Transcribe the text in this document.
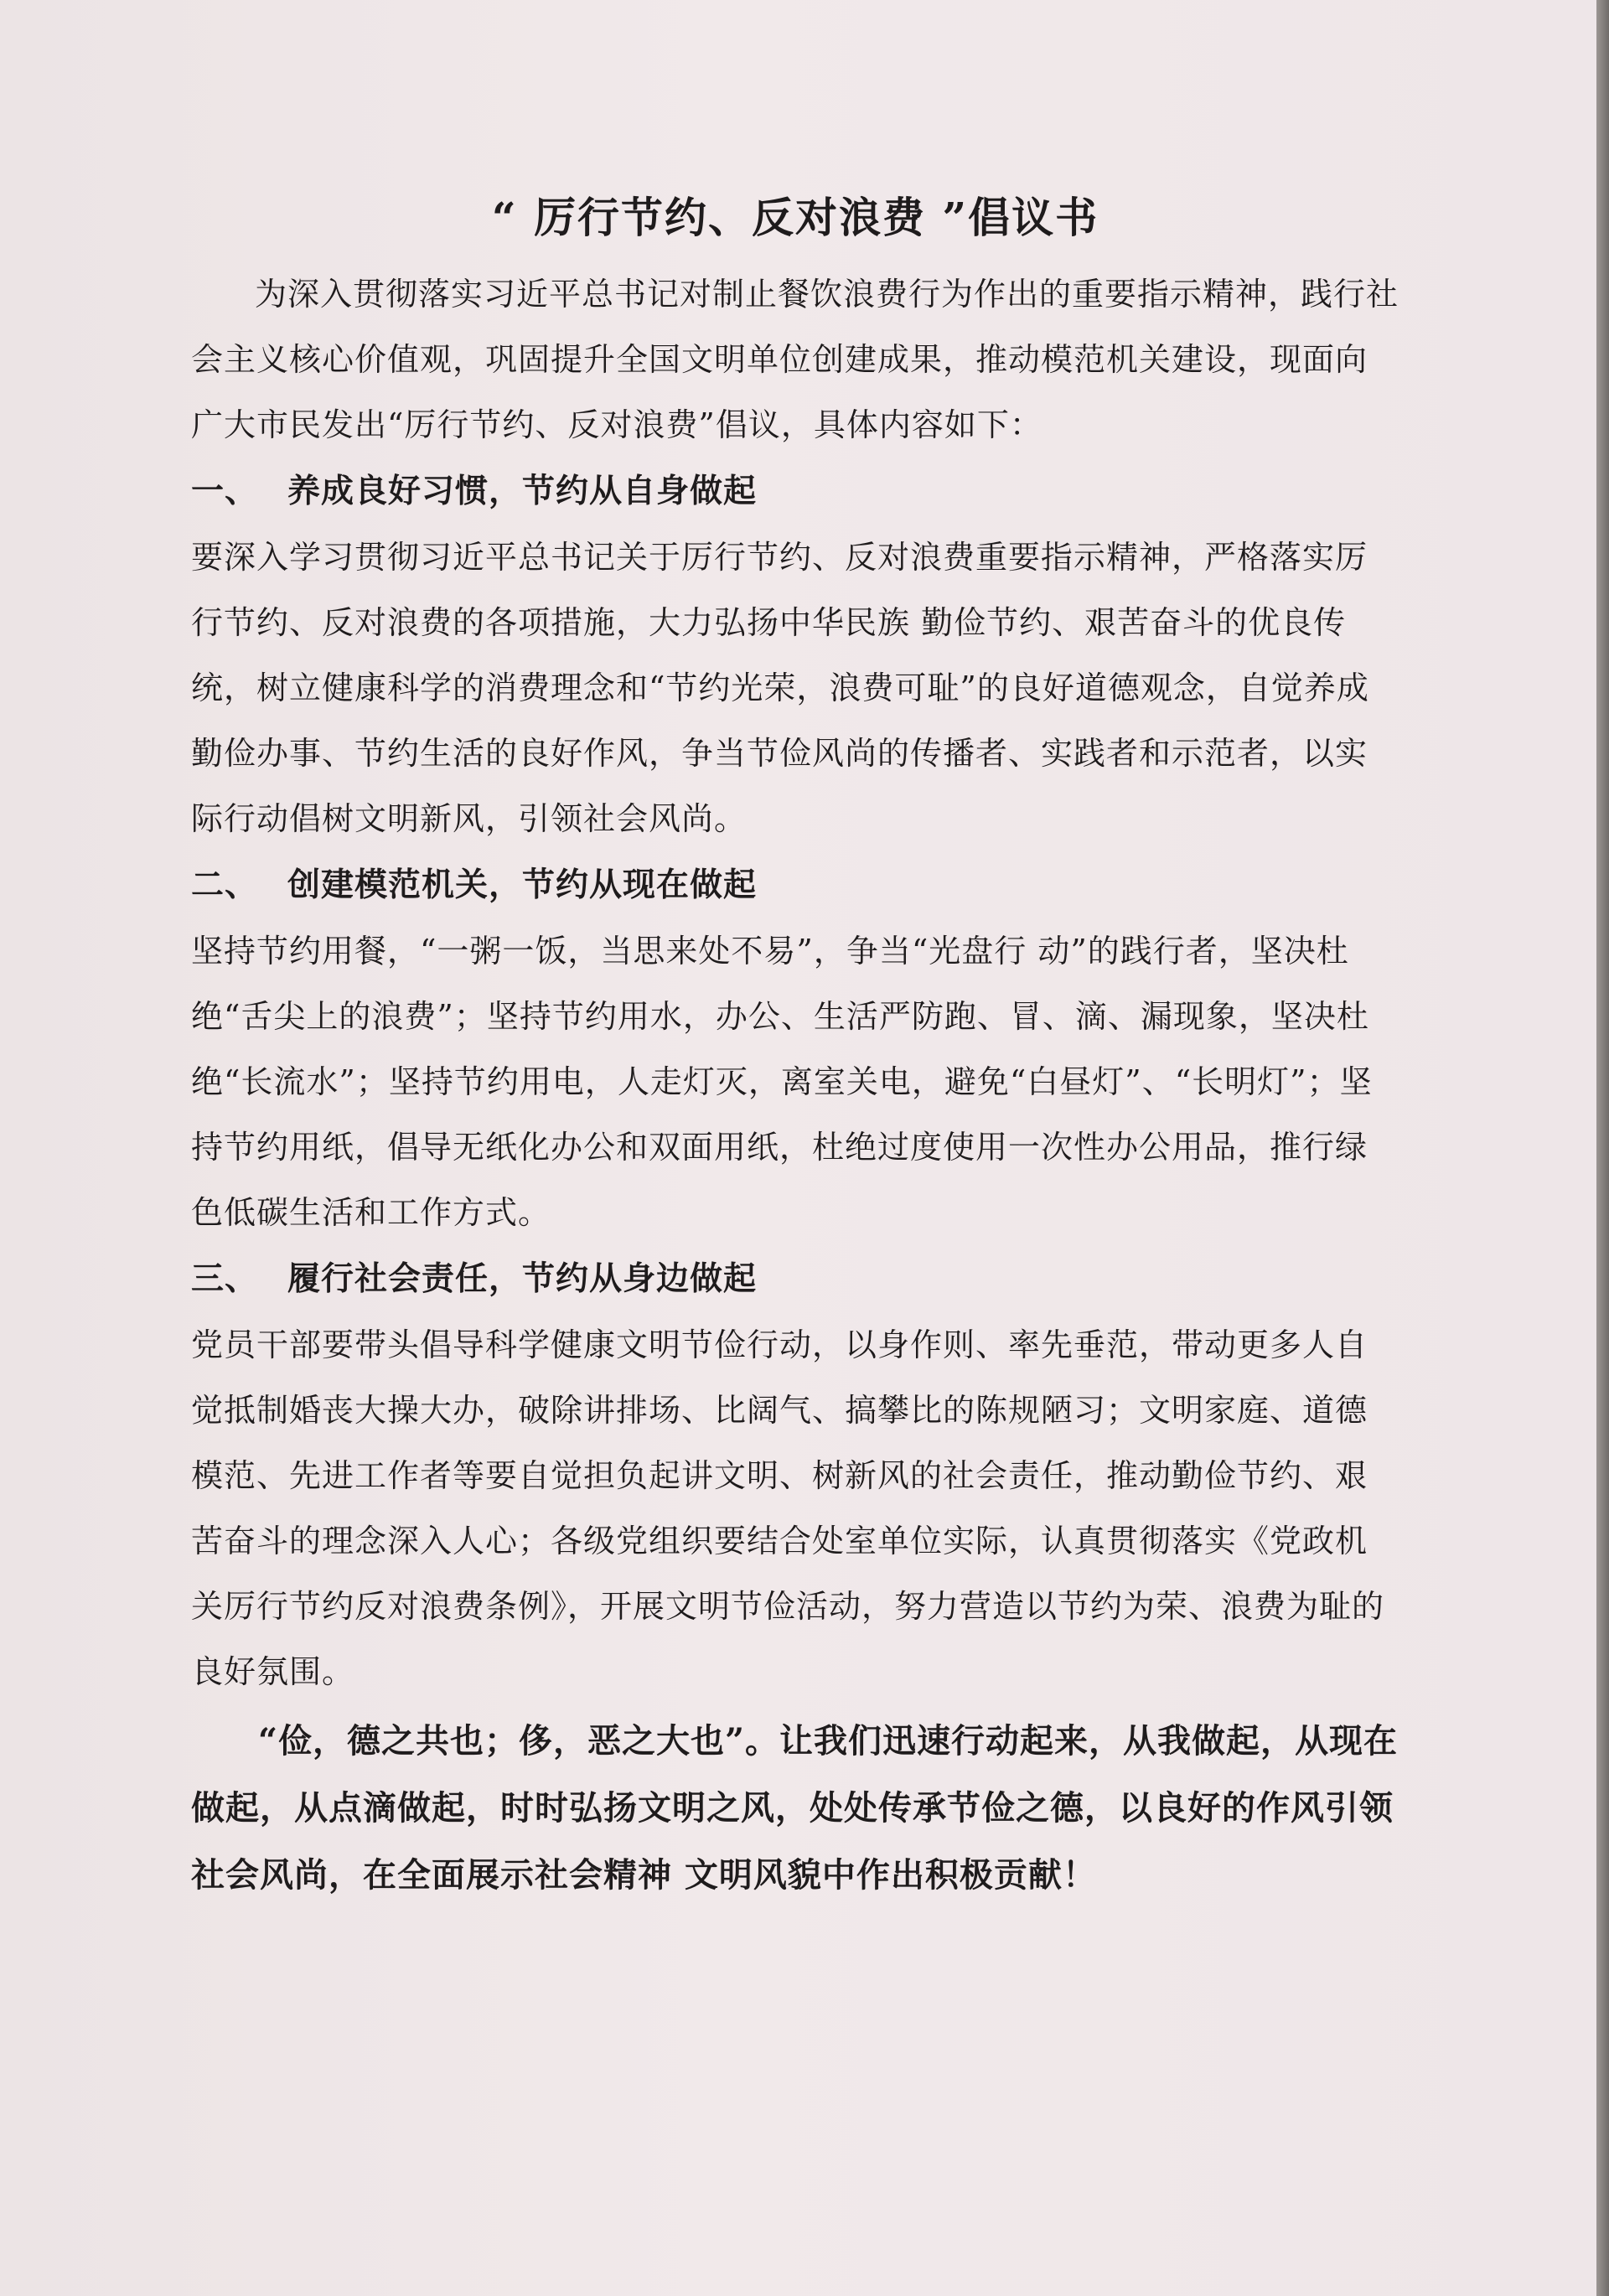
“ 厉行节约、反对浪费 ”倡议书

为深入贯彻落实习近平总书记对制止餐饮浪费行为作出的重要指示精神，践行社会主义核心价值观，巩固提升全国文明单位创建成果，推动模范机关建设，现面向广大市民发出“厉行节约、反对浪费”倡议，具体内容如下：

一、 养成良好习惯，节约从自身做起

要深入学习贯彻习近平总书记关于厉行节约、反对浪费重要指示精神，严格落实厉行节约、反对浪费的各项措施，大力弘扬中华民族 勤俭节约、艰苦奋斗的优良传统，树立健康科学的消费理念和“节约光荣，浪费可耻”的良好道德观念，自觉养成勤俭办事、节约生活的良好作风，争当节俭风尚的传播者、实践者和示范者，以实际行动倡树文明新风，引领社会风尚。

二、 创建模范机关，节约从现在做起

坚持节约用餐，“一粥一饭，当思来处不易”，争当“光盘行 动”的践行者，坚决杜绝“舌尖上的浪费”；坚持节约用水，办公、生活严防跑、冒、滴、漏现象，坚决杜绝“长流水”；坚持节约用电，人走灯灭，离室关电，避免“白昼灯”、“长明灯”；坚持节约用纸，倡导无纸化办公和双面用纸，杜绝过度使用一次性办公用品，推行绿色低碳生活和工作方式。

三、 履行社会责任，节约从身边做起

党员干部要带头倡导科学健康文明节俭行动，以身作则、率先垂范，带动更多人自觉抵制婚丧大操大办，破除讲排场、比阔气、搞攀比的陈规陋习；文明家庭、道德模范、先进工作者等要自觉担负起讲文明、树新风的社会责任，推动勤俭节约、艰苦奋斗的理念深入人心；各级党组织要结合处室单位实际，认真贯彻落实《党政机关厉行节约反对浪费条例》，开展文明节俭活动，努力营造以节约为荣、浪费为耻的良好氛围。

“俭，德之共也；侈，恶之大也”。让我们迅速行动起来，从我做起，从现在做起，从点滴做起，时时弘扬文明之风，处处传承节俭之德，以良好的作风引领社会风尚，在全面展示社会精神 文明风貌中作出积极贡献！
